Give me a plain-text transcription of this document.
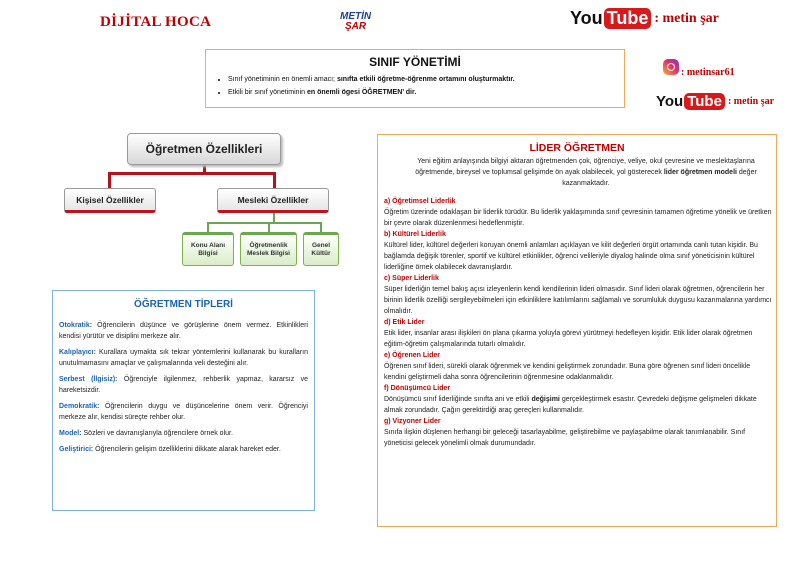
DİJİTAL HOCA	METİN
ŞAR	You Tube : metin şar
SINIF YÖNETİMİ
• Sınıf yönetiminin en önemli amacı; sınıfta etkili öğretme-öğrenme ortamını oluşturmaktır.
• Etkili bir sınıf yönetiminin en önemli ögesi ÖĞRETMEN’ dir.
: metinsar61
You Tube : metin şar
Öğretmen Özellikleri
Kişisel Özellikler	Mesleki Özellikler
Konu Alanı
Bilgisi
Öğretmenlik
Meslek Bilgisi
Genel
Kültür
ÖĞRETMEN TİPLERİ

Otokratik: Öğrencilerin düşünce ve görüşlerine önem vermez. Etkinlikleri kendisi yürütür ve disiplini merkeze alır.

Kalıplayıcı: Kurallara uymakta sık tekrar yöntemlerini kullanarak bu kuralların unutulmamasını amaçlar ve çalışmalarında veli desteğini alır.

Serbest (İlgisiz): Öğrenciyle ilgilenmez, rehberlik yapmaz, kararsız ve hareketsizdir.

Demokratik: Öğrencilerin duygu ve düşüncelerine önem verir. Öğrenciyi merkeze alır, kendisi süreçte rehber olur.

Model: Sözleri ve davranışlarıyla öğrencilere örnek olur.

Geliştirici: Öğrencilerin gelişim özelliklerini dikkate alarak hareket eder.

LİDER ÖĞRETMEN
Yeni eğitim anlayışında bilgiyi aktaran öğretmenden çok, öğrenciye, veliye, okul çevresine ve meslektaşlarına öğretmende, bireysel ve toplumsal gelişimde ön ayak olabilecek, yol gösterecek lider öğretmen modeli değer kazanmaktadır.

a) Öğretimsel Liderlik

Öğretim üzerinde odaklaşan bir liderlik türüdür. Bu liderlik yaklaşımında sınıf çevresinin tamamen öğretime yönelik ve üretken bir çevre olarak düzenlenmesi hedeflenmiştir.

b) Kültürel Liderlik

Kültürel lider, kültürel değerleri koruyan önemli anlamları açıklayan ve kilit değerleri örgüt ortamında canlı tutan kişidir. Bu bağlamda değişik törenler, sportif ve kültürel etkinlikler, öğrenci velileriyle diyalog halinde olma sınıf yöneticisinin kültürel liderliğine örnek olabilecek davranışlardır.

c) Süper Liderlik

Süper liderliğin temel bakış açısı izleyenlerin kendi kendilerinin lideri olmasıdır. Sınıf lideri olarak öğretmen, öğrencilerin her birinin liderlik özelliği sergileyebilmeleri için etkinliklere katılımlarını sağlamalı ve sorumluluk duygusu kazanmalarına yardımcı olmalıdır.

d) Etik Lider

Etik lider, insanlar arası ilişkileri ön plana çıkarma yoluyla görevi yürütmeyi hedefleyen kişidir. Etik lider olarak öğretmen eğitim-öğretim çalışmalarında tutarlı olmalıdır.

e) Öğrenen Lider

Öğrenen sınıf lideri, sürekli olarak öğrenmek ve kendini geliştirmek zorundadır. Buna göre öğrenen sınıf lideri öncelikle kendini geliştirmeli daha sonra öğrencilerinin öğrenmesine odaklanmalıdır.

f) Dönüşümcü Lider

Dönüşümcü sınıf liderliğinde sınıfta ani ve etkili değişimi gerçekleştirmek esastır. Çevredeki değişme gelişmeleri dikkate almak zorundadır. Çağın gerektirdiği araç gereçleri kullanmalıdır.

g) Vizyoner Lider

Sınıfa ilişkin düşlenen herhangi bir geleceği tasarlayabilme, geliştirebilme ve paylaşabilme olarak tanımlanabilir. Sınıf yöneticisi gelecek yönelimli olmak durumundadır.
